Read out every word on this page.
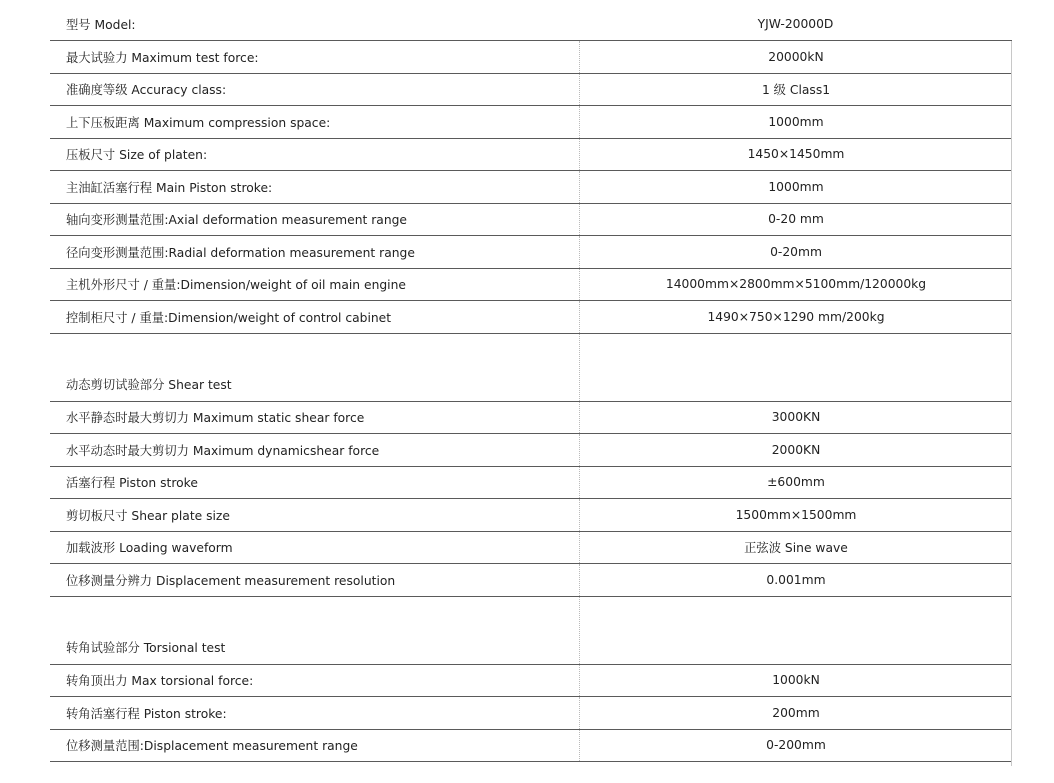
型号 Model:	YJW-20000D
最大试验力 Maximum test force:	20000kN
准确度等级 Accuracy class:	1 级 Class1
上下压板距离 Maximum compression space:	1000mm
压板尺寸 Size of platen:	1450×1450mm
主油缸活塞行程 Main Piston stroke:	1000mm
轴向变形测量范围:Axial deformation measurement range	0-20 mm
径向变形测量范围:Radial deformation measurement range	0-20mm
主机外形尺寸 / 重量:Dimension/weight of oil main engine	14000mm×2800mm×5100mm/120000kg
控制柜尺寸 / 重量:Dimension/weight of control cabinet	1490×750×1290 mm/200kg
动态剪切试验部分 Shear test
水平静态时最大剪切力 Maximum static shear force	3000KN
水平动态时最大剪切力 Maximum dynamicshear force	2000KN
活塞行程 Piston stroke	±600mm
剪切板尺寸 Shear plate size	1500mm×1500mm
加载波形 Loading waveform	正弦波 Sine wave
位移测量分辨力 Displacement measurement resolution	0.001mm
转角试验部分 Torsional test
转角顶出力 Max torsional force:	1000kN
转角活塞行程 Piston stroke:	200mm
位移测量范围:Displacement measurement range	0-200mm
